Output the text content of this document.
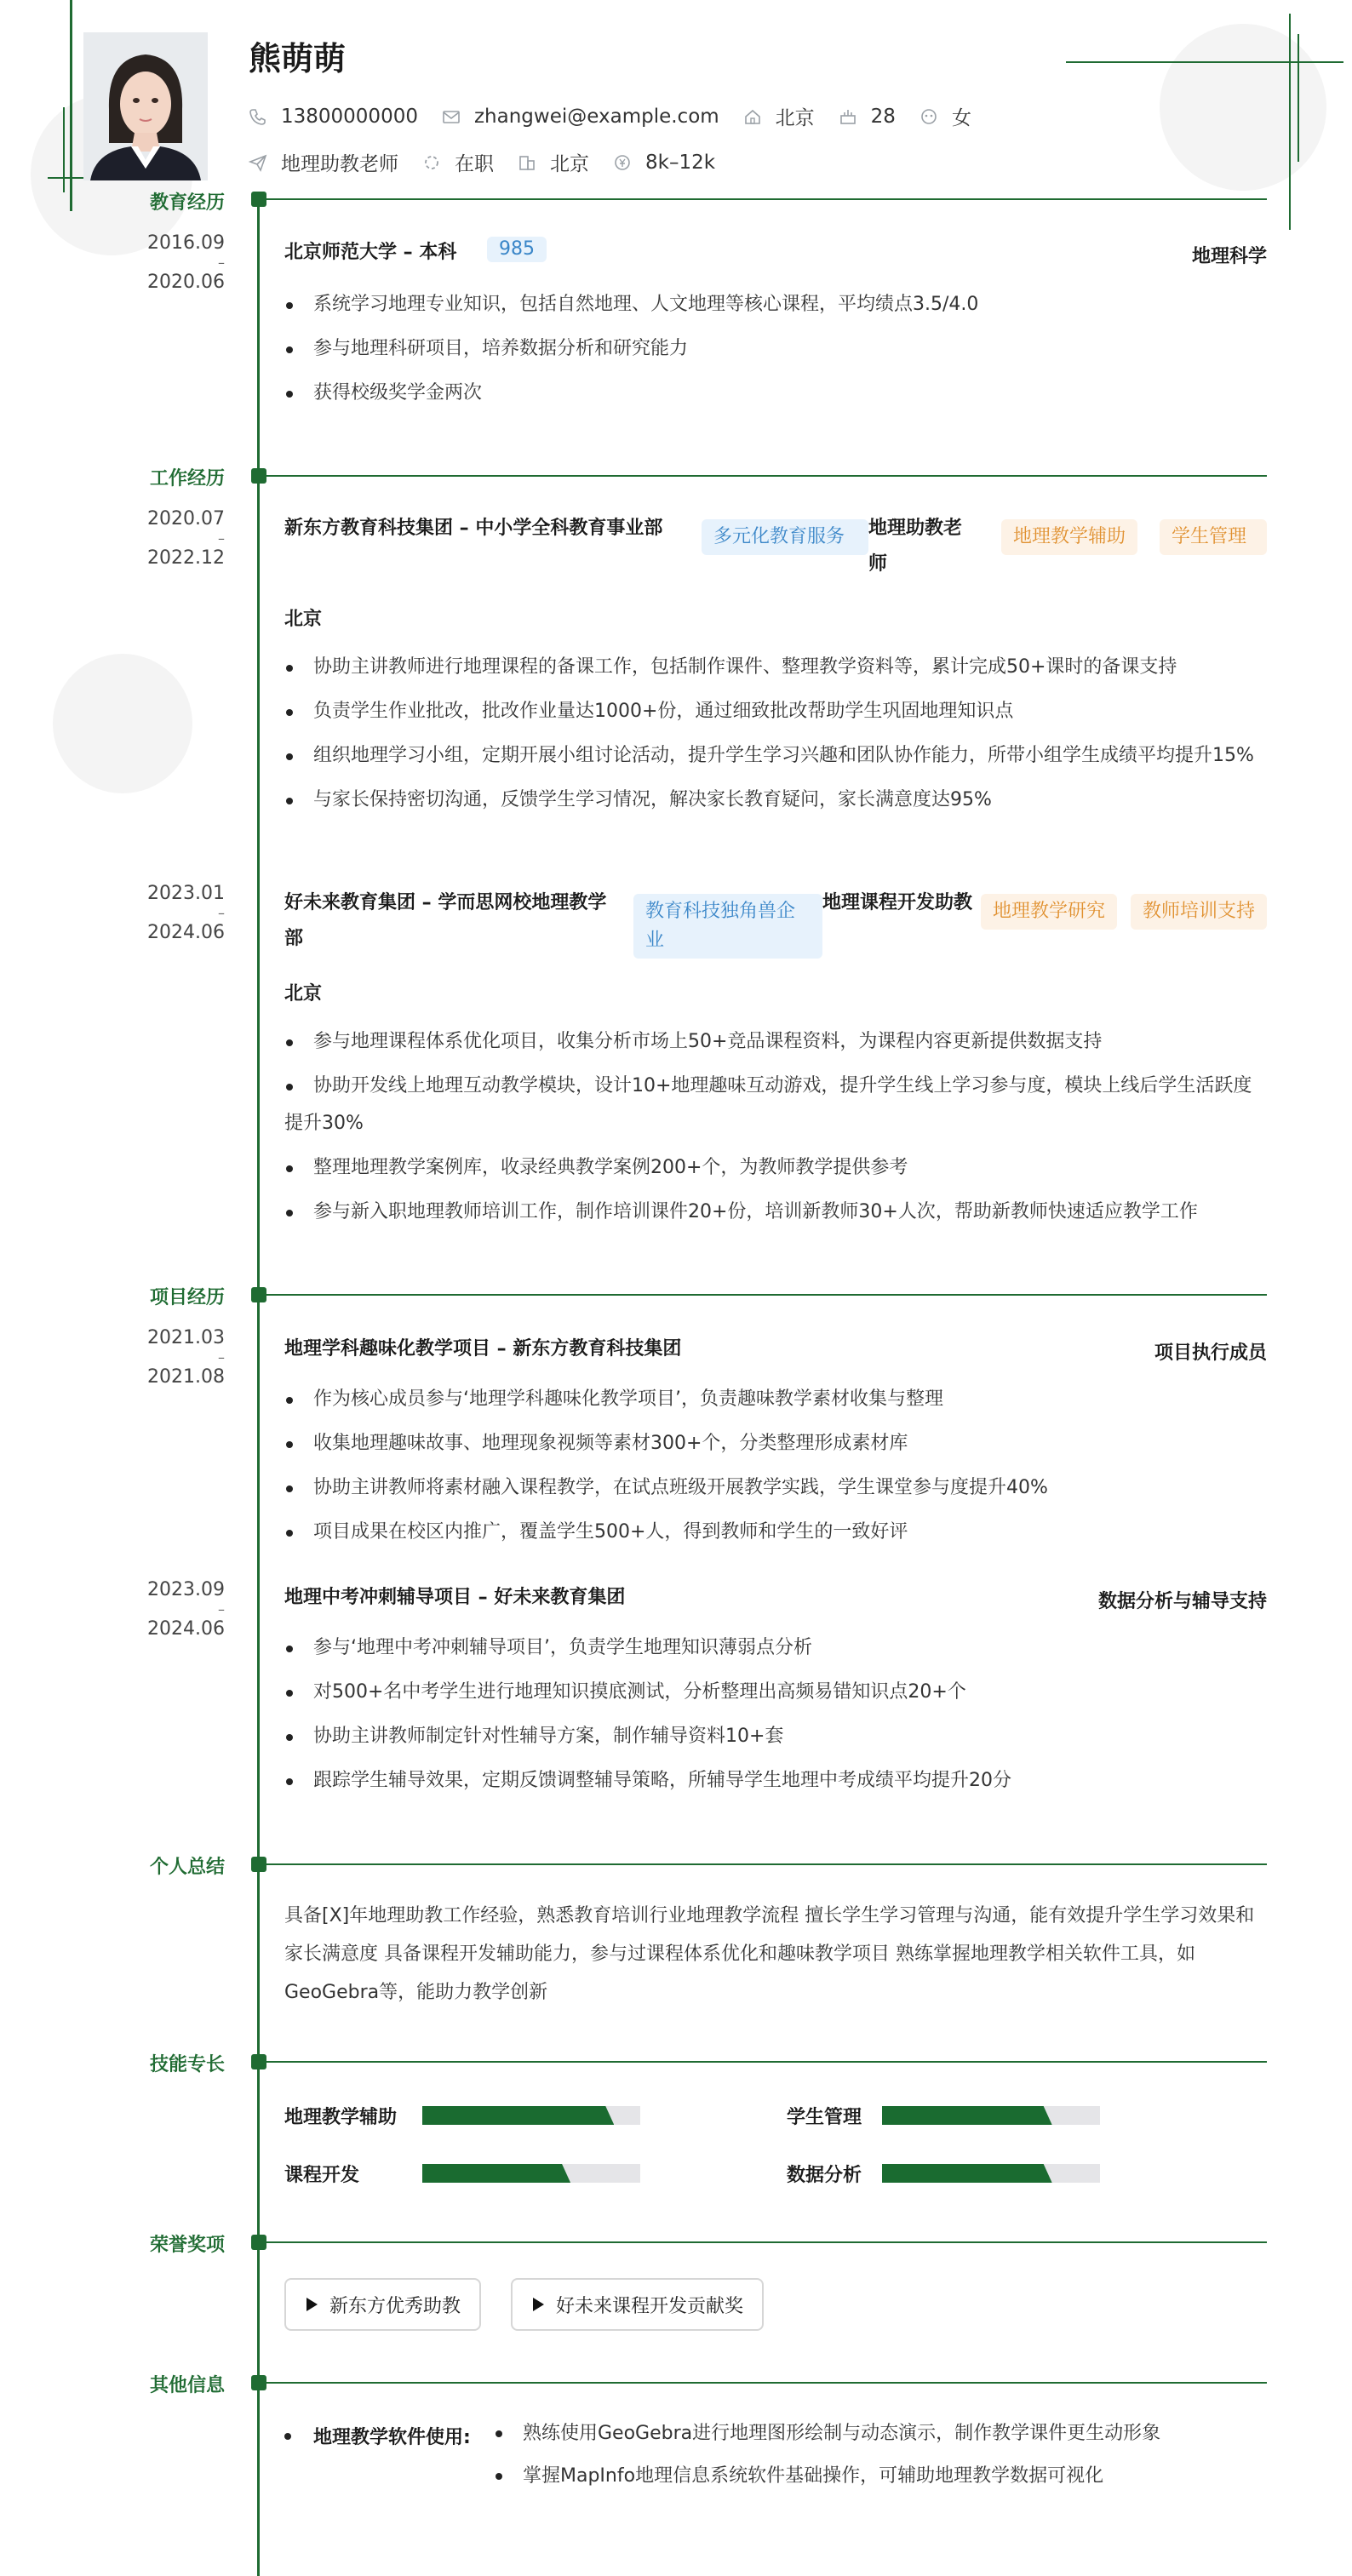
熊萌萌
13800000000	zhangwei@example.com	北京	28	女
地理助教老师	在职	北京	8k–12k
教育经历
2016.09
–
2020.06
北京师范大学 – 本科	985	地理科学
系统学习地理专业知识，包括自然地理、人文地理等核心课程，平均绩点3.5/4.0
参与地理科研项目，培养数据分析和研究能力
获得校级奖学金两次
工作经历
2020.07
–
2022.12
新东方教育科技集团 – 中小学全科教育事业部	多元化教育服务	地理助教老师
地理教学辅助	学生管理
北京
协助主讲教师进行地理课程的备课工作，包括制作课件、整理教学资料等，累计完成50+课时的备课支持
负责学生作业批改，批改作业量达1000+份，通过细致批改帮助学生巩固地理知识点
组织地理学习小组，定期开展小组讨论活动，提升学生学习兴趣和团队协作能力，所带小组学生成绩平均提升15%
与家长保持密切沟通，反馈学生学习情况，解决家长教育疑问，家长满意度达95%
2023.01
–
2024.06
好未来教育集团 – 学而思网校地理教学部
教育科技独角兽企业
地理课程开发助教	地理教学研究	教师培训支持
北京
参与地理课程体系优化项目，收集分析市场上50+竞品课程资料，为课程内容更新提供数据支持
协助开发线上地理互动教学模块，设计10+地理趣味互动游戏，提升学生线上学习参与度，模块上线后学生活跃度提升30%
整理地理教学案例库，收录经典教学案例200+个，为教师教学提供参考
参与新入职地理教师培训工作，制作培训课件20+份，培训新教师30+人次，帮助新教师快速适应教学工作
项目经历
2021.03
–
2021.08
地理学科趣味化教学项目 – 新东方教育科技集团	项目执行成员
作为核心成员参与‘地理学科趣味化教学项目’，负责趣味教学素材收集与整理
收集地理趣味故事、地理现象视频等素材300+个，分类整理形成素材库
协助主讲教师将素材融入课程教学，在试点班级开展教学实践，学生课堂参与度提升40%
项目成果在校区内推广，覆盖学生500+人，得到教师和学生的一致好评
2023.09
–
2024.06
地理中考冲刺辅导项目 – 好未来教育集团	数据分析与辅导支持
参与‘地理中考冲刺辅导项目’，负责学生地理知识薄弱点分析
对500+名中考学生进行地理知识摸底测试，分析整理出高频易错知识点20+个
协助主讲教师制定针对性辅导方案，制作辅导资料10+套
跟踪学生辅导效果，定期反馈调整辅导策略，所辅导学生地理中考成绩平均提升20分
个人总结
具备[X]年地理助教工作经验，熟悉教育培训行业地理教学流程 擅长学生学习管理与沟通，能有效提升学生学习效果和家长满意度 具备课程开发辅助能力，参与过课程体系优化和趣味教学项目 熟练掌握地理教学相关软件工具，如GeoGebra等，能助力教学创新
技能专长
地理教学辅助	学生管理
课程开发	数据分析
荣誉奖项
新东方优秀助教	好未来课程开发贡献奖
其他信息
地理教学软件使用:	熟练使用GeoGebra进行地理图形绘制与动态演示，制作教学课件更生动形象
掌握MapInfo地理信息系统软件基础操作，可辅助地理教学数据可视化
